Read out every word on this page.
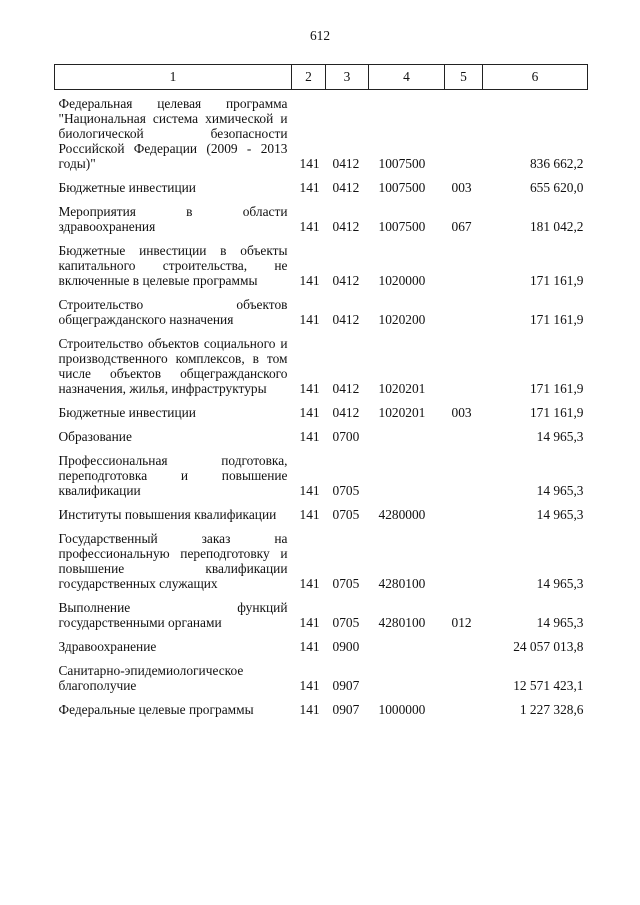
612
1	2	3	4	5	6
Федеральная целевая программа "Национальная система химической и биологической безопасности Российской Федерации (2009 - 2013 годы)"	141	0412	1007500		836 662,2
Бюджетные инвестиции	141	0412	1007500	003	655 620,0
Мероприятия в области здравоохранения	141	0412	1007500	067	181 042,2
Бюджетные инвестиции в объекты капитального строительства, не включенные в целевые программы	141	0412	1020000		171 161,9
Строительство объектов общегражданского назначения	141	0412	1020200		171 161,9
Строительство объектов социального и производственного комплексов, в том числе объектов общегражданского назначения, жилья, инфраструктуры	141	0412	1020201		171 161,9
Бюджетные инвестиции	141	0412	1020201	003	171 161,9
Образование	141	0700			14 965,3
Профессиональная подготовка, переподготовка и повышение квалификации	141	0705			14 965,3
Институты повышения квалификации	141	0705	4280000		14 965,3
Государственный заказ на профессиональную переподготовку и повышение квалификации государственных служащих	141	0705	4280100		14 965,3
Выполнение функций государственными органами	141	0705	4280100	012	14 965,3
Здравоохранение	141	0900			24 057 013,8
Санитарно-эпидемиологическое благополучие	141	0907			12 571 423,1
Федеральные целевые программы	141	0907	1000000		1 227 328,6
